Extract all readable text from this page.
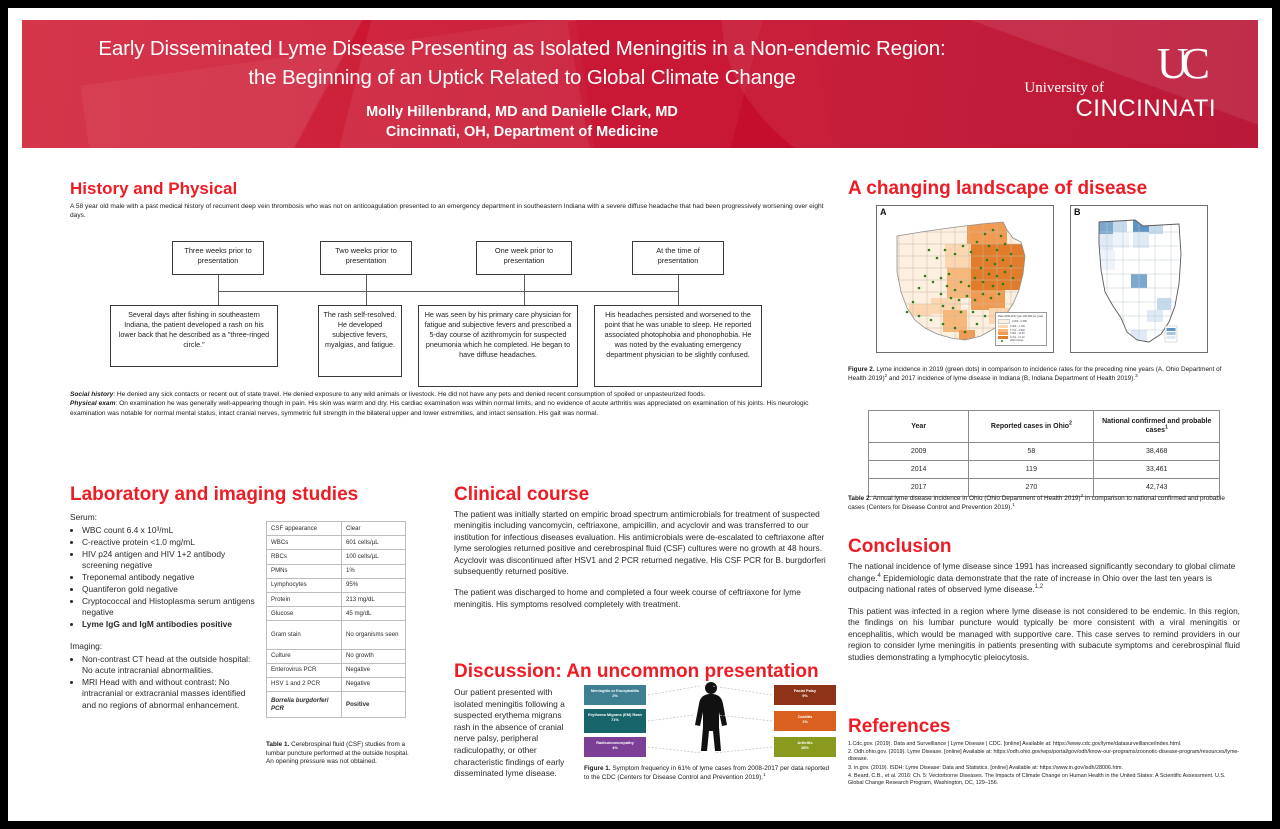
Early Disseminated Lyme Disease Presenting as Isolated Meningitis in a Non-endemic Region:
the Beginning of an Uptick Related to Global Climate Change
Molly Hillenbrand, MD and Danielle Clark, MD
Cincinnati, OH, Department of Medicine
UC
University of
CINCINNATI
History and Physical
A 58 year old male with a past medical history of recurrent deep vein thrombosis who was not on anticoagulation presented to an emergency department in southeastern Indiana with a severe diffuse headache that had been progressively worsening over eight days.
Three weeks prior to presentation
Two weeks prior to presentation
One week prior to presentation
At the time of presentation
Several days after fishing in southeastern Indiana, the patient developed a rash on his lower back that he described as a "three-ringed circle."
The rash self-resolved. He developed subjective fevers, myalgias, and fatigue.
He was seen by his primary care physician for fatigue and subjective fevers and prescribed a 5-day course of azithromycin for suspected pneumonia which he completed. He began to have diffuse headaches.
His headaches persisted and worsened to the point that he was unable to sleep. He reported associated photophobia and phonophobia. He was noted by the evaluating emergency department physician to be slightly confused.
Social history: He denied any sick contacts or recent out of state travel. He denied exposure to any wild animals or livestock. He did not have any pets and denied recent consumption of spoiled or unpasteurized foods.
Physical exam: On examination he was generally well-appearing though in pain. His skin was warm and dry. His cardiac examination was within normal limits, and no evidence of acute arthritis was appreciated on examination of his joints. His neurologic examination was notable for normal mental status, intact cranial nerves, symmetric full strength in the bilateral upper and lower extremities, and intact sensation. His gait was normal.
Laboratory and imaging studies
Serum:
• WBC count 6.4 x 10³/mL
• C-reactive protein <1.0 mg/mL
• HIV p24 antigen and HIV 1+2 antibody screening negative
• Treponemal antibody negative
• Quantiferon gold negative
• Cryptococcal and Histoplasma serum antigens negative
• Lyme IgG and IgM antibodies positive
Imaging:
• Non-contrast CT head at the outside hospital: No acute intracranial abnormalities.
• MRI Head with and without contrast: No intracranial or extracranial masses identified and no regions of abnormal enhancement.
CSF appearance	Clear
WBCs	601 cells/µL
RBCs	100 cells/µL
PMNs	1%
Lymphocytes	95%
Protein	213 mg/dL
Glucose	45 mg/dL
Gram stain	No organisms seen
Culture	No growth
Enterovirus PCR	Negative
HSV 1 and 2 PCR	Negative
Borrelia burgdorferi PCR	Positive
Table 1. Cerebrospinal fluid (CSF) studies from a lumbar puncture performed at the outside hospital. An opening pressure was not obtained.
Clinical course

The patient was initially started on empiric broad spectrum antimicrobials for treatment of suspected meningitis including vancomycin, ceftriaxone, ampicillin, and acyclovir and was transferred to our institution for infectious diseases evaluation. His antimicrobials were de-escalated to ceftriaxone after lyme serologies returned positive and cerebrospinal fluid (CSF) cultures were no growth at 48 hours. Acyclovir was discontinued after HSV1 and 2 PCR returned negative. His CSF PCR for B. burgdorferi subsequently returned positive.

The patient was discharged to home and completed a four week course of ceftriaxone for lyme meningitis. His symptoms resolved completely with treatment.

Discussion: An uncommon presentation
Our patient presented with isolated meningitis following a suspected erythema migrans rash in the absence of cranial nerve palsy, peripheral radiculopathy, or other characteristic findings of early disseminated lyme disease.
Meningitis or Encephalitis
2%
Erythema Migrans (EM) Rash
71%
Radiculoneuropathy
4%
Facial Palsy
9%
Carditis
1%
Arthritis
28%
Figure 1. Symptom frequency in 61% of lyme cases from 2008-2017 per data reported to the CDC (Centers for Disease Control and Prevention 2019).$^1$
A changing landscape of disease
A
Rate 2009-2017 (per 100,000 per year)
0.000 - 0.399
0.400 - 1.700
1.701 - 3.900
3.901 - 11.50
11.51 - 27.10
2019 Cases
B
Figure 2. Lyme incidence in 2019 (green dots) in comparison to incidence rates for the preceding nine years (A, Ohio Department of Health 2019)$^2$ and 2017 incidence of lyme disease in Indiana (B, Indiana Department of Health 2019).$^3$
Year	Reported cases in Ohio$^2$	National confirmed and probable cases$^1$
2009	58	38,468
2014	119	33,461
2017	270	42,743
Table 2. Annual lyme disease incidence in Ohio (Ohio Department of Health 2019)$^2$ in comparison to national confirmed and probable cases (Centers for Disease Control and Prevention 2019).$^1$
Conclusion

The national incidence of lyme disease since 1991 has increased significantly secondary to global climate change.$^4$ Epidemiologic data demonstrate that the rate of increase in Ohio over the last ten years is outpacing national rates of observed lyme disease.$^{1,2}$

This patient was infected in a region where lyme disease is not considered to be endemic. In this region, the findings on his lumbar puncture would typically be more consistent with a viral meningitis or encephalitis, which would be managed with supportive care. This case serves to remind providers in our region to consider lyme meningitis in patients presenting with subacute symptoms and cerebrospinal fluid studies demonstrating a lymphocytic pleiocytosis.

References
1.Cdc.gov. (2019). Data and Surveillance | Lyme Disease | CDC. [online] Available at: https://www.cdc.gov/lyme/datasurveillance/index.html.
2. Odh.ohio.gov. (2019). Lyme Disease. [online] Available at: https://odh.ohio.gov/wps/portal/gov/odh/know-our-programs/zoonotic-disease-program/resources/lyme-disease.
3. in.gov. (2019). ISDH: Lyme Disease: Data and Statistics. [online] Available at: https://www.in.gov/isdh/28006.htm.
4. Beard, C.B., et al. 2016: Ch. 5: Vectorborne Diseases. The Impacts of Climate Change on Human Health in the United States: A Scientific Assessment. U.S. Global Change Research Program, Washington, DC, 129–156.
